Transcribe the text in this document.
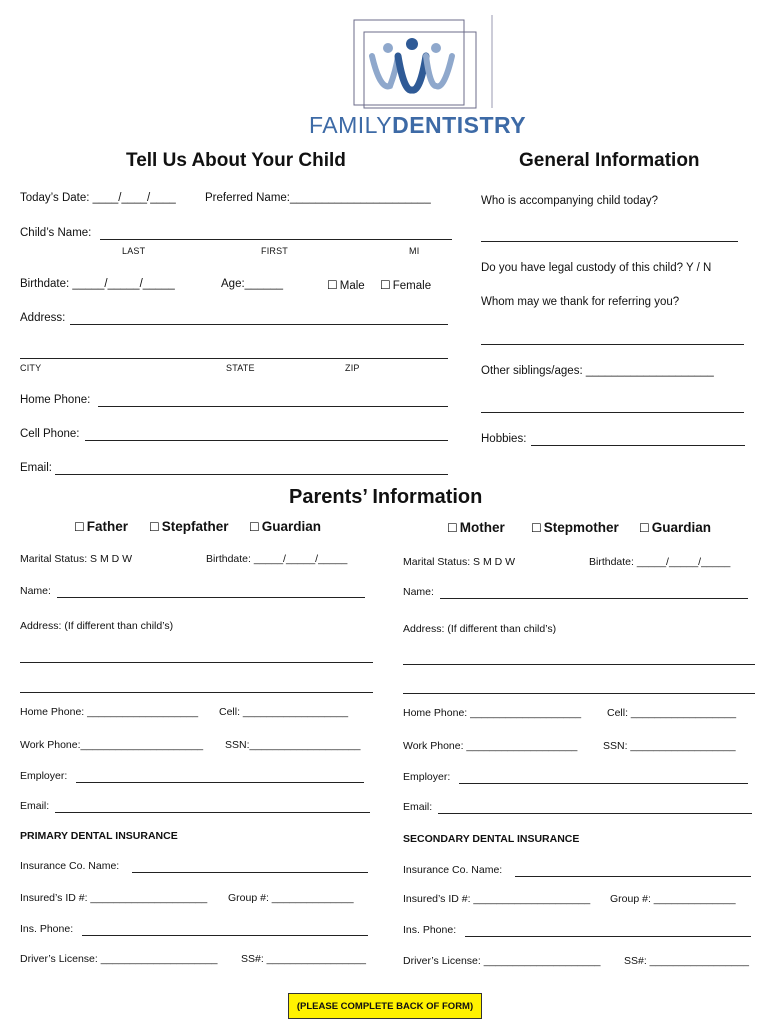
FAMILYDENTISTRY
Tell Us About Your Child
Today’s Date: ____/____/____	Preferred Name:______________________
Child’s Name:
LAST	FIRST	MI
Birthdate: _____/_____/_____	Age:______	☐ Male ☐ Female
Address:
CITY	STATE	ZIP
Home Phone:
Cell Phone:
Email:
General Information
Who is accompanying child today?
Do you have legal custody of this child? Y / N
Whom may we thank for referring you?
Other siblings/ages: ____________________
Hobbies:
Parents’ Information
☐ Father ☐ Stepfather ☐ Guardian
Marital Status: S M D W	Birthdate: _____/_____/_____
Name:
Address: (If different than child’s)
Home Phone: ___________________ Cell: __________________
Work Phone:_____________________ SSN:___________________
Employer:
Email:
PRIMARY DENTAL INSURANCE
Insurance Co. Name:
Insured’s ID #: ____________________ Group #: ______________
Ins. Phone:
Driver’s License: ____________________ SS#: _________________
☐ Mother ☐ Stepmother ☐ Guardian
Marital Status: S M D W	Birthdate: _____/_____/_____
Name:
Address: (If different than child’s)
Home Phone: ___________________ Cell: __________________
Work Phone: ___________________ SSN: __________________
Employer:
Email:
SECONDARY DENTAL INSURANCE
Insurance Co. Name:
Insured’s ID #: ____________________ Group #: ______________
Ins. Phone:
Driver’s License: ____________________ SS#: _________________
(PLEASE COMPLETE BACK OF FORM)
